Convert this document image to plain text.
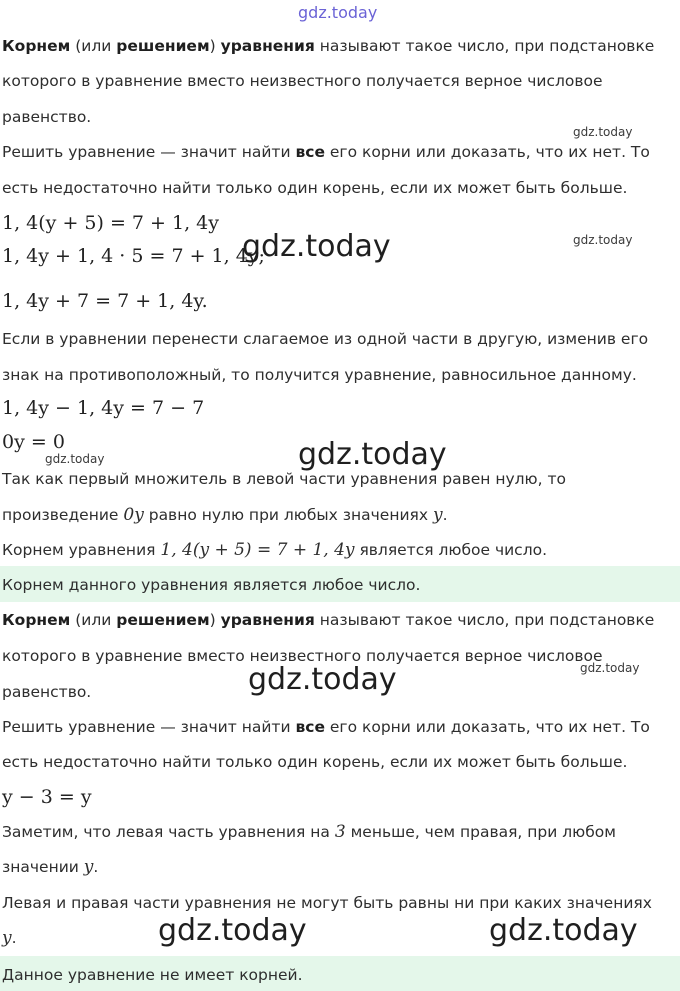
gdz.today
Корнем (или решением) уравнения называют такое число, при подстановке
которого в уравнение вместо неизвестного получается верное числовое
равенство.
Решить уравнение — значит найти все его корни или доказать, что их нет. То
есть недостаточно найти только один корень, если их может быть больше.
1, 4(y + 5) = 7 + 1, 4y
1, 4y + 1, 4 · 5 = 7 + 1, 4y;
1, 4y + 7 = 7 + 1, 4y.
Если в уравнении перенести слагаемое из одной части в другую, изменив его
знак на противоположный, то получится уравнение, равносильное данному.
1, 4y − 1, 4y = 7 − 7
0y = 0
Так как первый множитель в левой части уравнения равен нулю, то
произведение 0y равно нулю при любых значениях y.
Корнем уравнения 1, 4(y + 5) = 7 + 1, 4y является любое число.
Корнем данного уравнения является любое число.
Корнем (или решением) уравнения называют такое число, при подстановке
которого в уравнение вместо неизвестного получается верное числовое
равенство.
Решить уравнение — значит найти все его корни или доказать, что их нет. То
есть недостаточно найти только один корень, если их может быть больше.
y − 3 = y
Заметим, что левая часть уравнения на 3 меньше, чем правая, при любом
значении y.
Левая и правая части уравнения не могут быть равны ни при каких значениях
y.
Данное уравнение не имеет корней.
gdz.today
gdz.today
gdz.today
gdz.today
gdz.today
gdz.today
gdz.today
gdz.today	gdz.today
